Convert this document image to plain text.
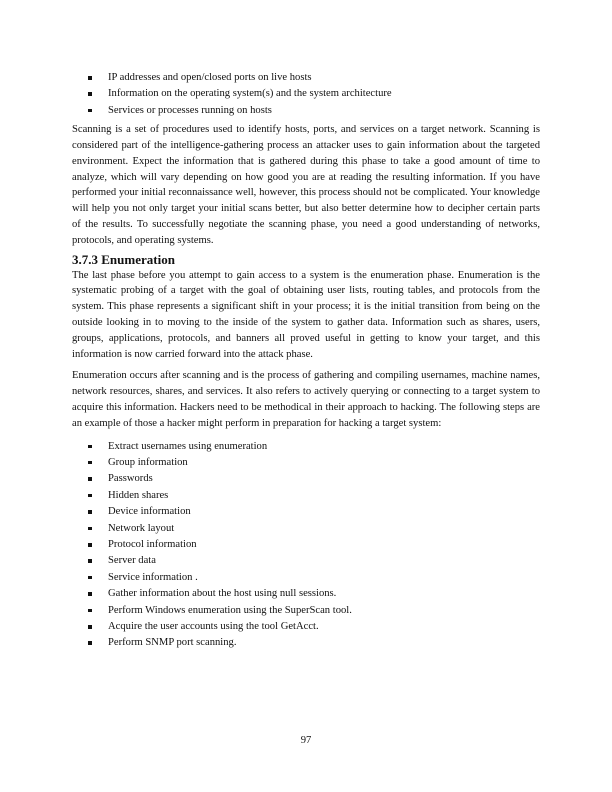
IP addresses and open/closed ports on live hosts
Information on the operating system(s) and the system architecture
Services or processes running on hosts

Scanning is a set of procedures used to identify hosts, ports, and services on a target network. Scanning is considered part of the intelligence-gathering process an attacker uses to gain information about the targeted environment. Expect the information that is gathered during this phase to take a good amount of time to analyze, which will vary depending on how good you are at reading the resulting information. If you have performed your initial reconnaissance well, however, this process should not be complicated. Your knowledge will help you not only target your initial scans better, but also better determine how to decipher certain parts of the results. To successfully negotiate the scanning phase, you need a good understanding of networks, protocols, and operating systems.

3.7.3 Enumeration

The last phase before you attempt to gain access to a system is the enumeration phase. Enumeration is the systematic probing of a target with the goal of obtaining user lists, routing tables, and protocols from the system. This phase represents a significant shift in your process; it is the initial transition from being on the outside looking in to moving to the inside of the system to gather data. Information such as shares, users, groups, applications, protocols, and banners all proved useful in getting to know your target, and this information is now carried forward into the attack phase.

Enumeration occurs after scanning and is the process of gathering and compiling usernames, machine names, network resources, shares, and services. It also refers to actively querying or connecting to a target system to acquire this information. Hackers need to be methodical in their approach to hacking. The following steps are an example of those a hacker might perform in preparation for hacking a target system:

Extract usernames using enumeration
Group information
Passwords
Hidden shares
Device information
Network layout
Protocol information
Server data
Service information .
Gather information about the host using null sessions.
Perform Windows enumeration using the SuperScan tool.
Acquire the user accounts using the tool GetAcct.
Perform SNMP port scanning.
97
